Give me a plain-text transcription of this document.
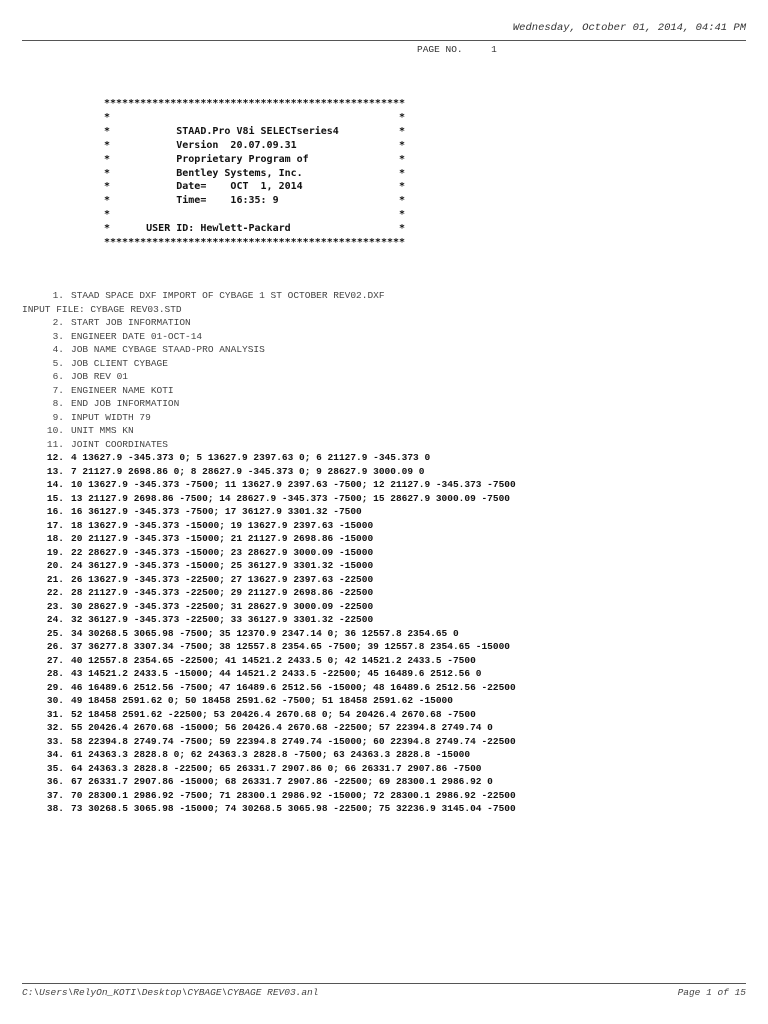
Wednesday, October 01, 2014, 04:41 PM
PAGE NO.	1
**************************************************
*                                                *
*           STAAD.Pro V8i SELECTseries4          *
*           Version  20.07.09.31                 *
*           Proprietary Program of               *
*           Bentley Systems, Inc.                *
*           Date=    OCT  1, 2014                *
*           Time=    16:35: 9                    *
*                                                *
*      USER ID: Hewlett-Packard                  *
**************************************************
1. STAAD SPACE DXF IMPORT OF CYBAGE 1 ST OCTOBER REV02.DXF
INPUT FILE: CYBAGE REV03.STD
2. START JOB INFORMATION
3. ENGINEER DATE 01-OCT-14
4. JOB NAME CYBAGE STAAD-PRO ANALYSIS
5. JOB CLIENT CYBAGE
6. JOB REV 01
7. ENGINEER NAME KOTI
8. END JOB INFORMATION
9. INPUT WIDTH 79
10. UNIT MMS KN
11. JOINT COORDINATES
12. 4 13627.9 -345.373 0; 5 13627.9 2397.63 0; 6 21127.9 -345.373 0
13. 7 21127.9 2698.86 0; 8 28627.9 -345.373 0; 9 28627.9 3000.09 0
14. 10 13627.9 -345.373 -7500; 11 13627.9 2397.63 -7500; 12 21127.9 -345.373 -7500
15. 13 21127.9 2698.86 -7500; 14 28627.9 -345.373 -7500; 15 28627.9 3000.09 -7500
16. 16 36127.9 -345.373 -7500; 17 36127.9 3301.32 -7500
17. 18 13627.9 -345.373 -15000; 19 13627.9 2397.63 -15000
18. 20 21127.9 -345.373 -15000; 21 21127.9 2698.86 -15000
19. 22 28627.9 -345.373 -15000; 23 28627.9 3000.09 -15000
20. 24 36127.9 -345.373 -15000; 25 36127.9 3301.32 -15000
21. 26 13627.9 -345.373 -22500; 27 13627.9 2397.63 -22500
22. 28 21127.9 -345.373 -22500; 29 21127.9 2698.86 -22500
23. 30 28627.9 -345.373 -22500; 31 28627.9 3000.09 -22500
24. 32 36127.9 -345.373 -22500; 33 36127.9 3301.32 -22500
25. 34 30268.5 3065.98 -7500; 35 12370.9 2347.14 0; 36 12557.8 2354.65 0
26. 37 36277.8 3307.34 -7500; 38 12557.8 2354.65 -7500; 39 12557.8 2354.65 -15000
27. 40 12557.8 2354.65 -22500; 41 14521.2 2433.5 0; 42 14521.2 2433.5 -7500
28. 43 14521.2 2433.5 -15000; 44 14521.2 2433.5 -22500; 45 16489.6 2512.56 0
29. 46 16489.6 2512.56 -7500; 47 16489.6 2512.56 -15000; 48 16489.6 2512.56 -22500
30. 49 18458 2591.62 0; 50 18458 2591.62 -7500; 51 18458 2591.62 -15000
31. 52 18458 2591.62 -22500; 53 20426.4 2670.68 0; 54 20426.4 2670.68 -7500
32. 55 20426.4 2670.68 -15000; 56 20426.4 2670.68 -22500; 57 22394.8 2749.74 0
33. 58 22394.8 2749.74 -7500; 59 22394.8 2749.74 -15000; 60 22394.8 2749.74 -22500
34. 61 24363.3 2828.8 0; 62 24363.3 2828.8 -7500; 63 24363.3 2828.8 -15000
35. 64 24363.3 2828.8 -22500; 65 26331.7 2907.86 0; 66 26331.7 2907.86 -7500
36. 67 26331.7 2907.86 -15000; 68 26331.7 2907.86 -22500; 69 28300.1 2986.92 0
37. 70 28300.1 2986.92 -7500; 71 28300.1 2986.92 -15000; 72 28300.1 2986.92 -22500
38. 73 30268.5 3065.98 -15000; 74 30268.5 3065.98 -22500; 75 32236.9 3145.04 -7500
C:\Users\RelyOn_KOTI\Desktop\CYBAGE\CYBAGE REV03.anl	Page 1 of 15
